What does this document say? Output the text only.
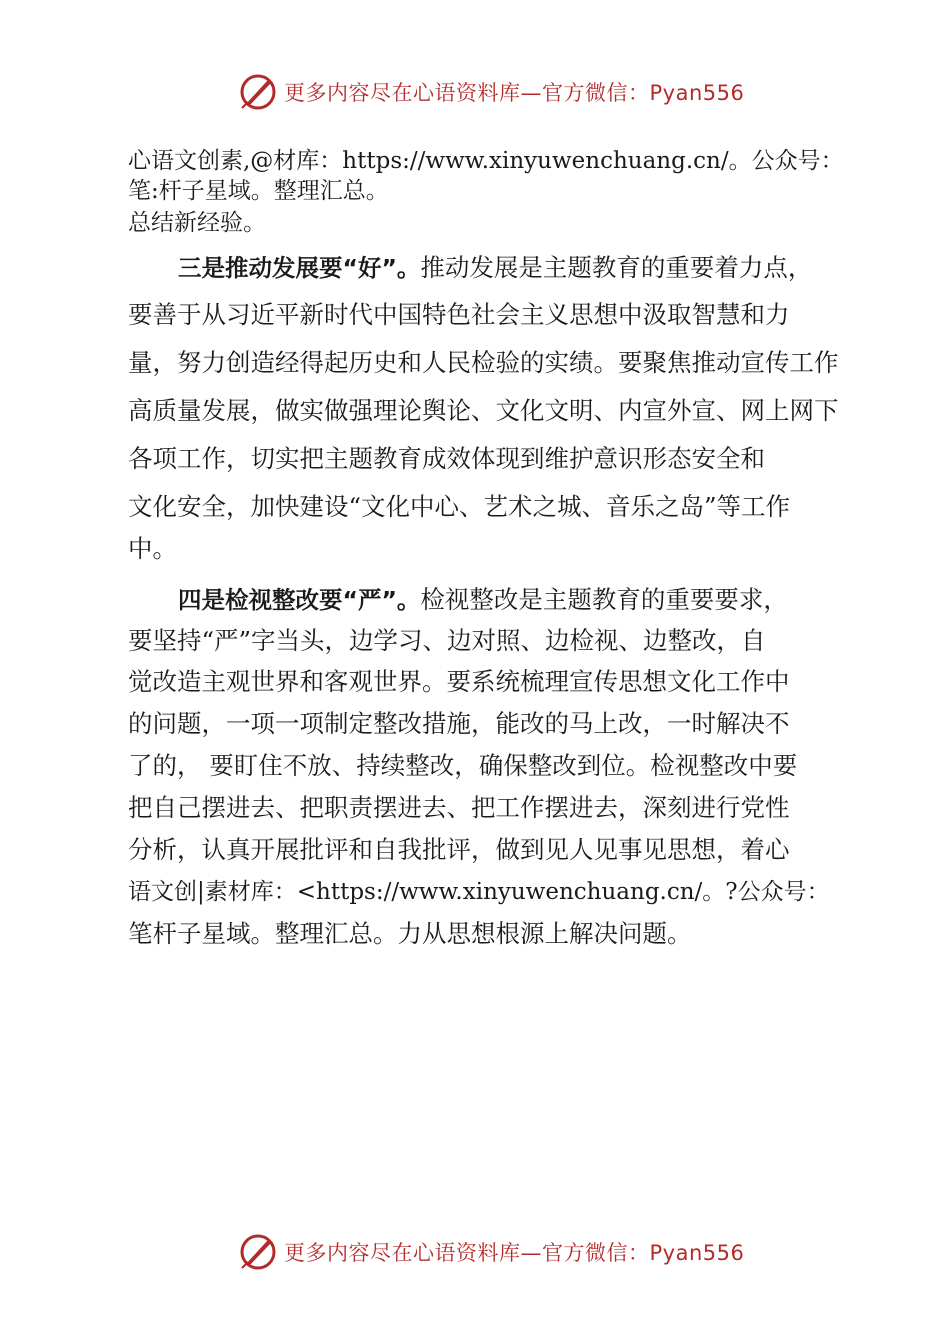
更多内容尽在心语资料库—官方微信：Pyan556
心语文创素,@材库：https://www.xinyuwenchuang.cn/。公众号：
笔:杆子星域。整理汇总。
总结新经验。
三是推动发展要“好”。推动发展是主题教育的重要着力点，
要善于从习近平新时代中国特色社会主义思想中汲取智慧和力
量，努力创造经得起历史和人民检验的实绩。要聚焦推动宣传工作
高质量发展，做实做强理论舆论、文化文明、内宣外宣、网上网下
各项工作，切实把主题教育成效体现到维护意识形态安全和
文化安全，加快建设“文化中心、艺术之城、音乐之岛”等工作
中。
四是检视整改要“严”。检视整改是主题教育的重要要求，
要坚持“严”字当头，边学习、边对照、边检视、边整改，自
觉改造主观世界和客观世界。要系统梳理宣传思想文化工作中
的问题，一项一项制定整改措施，能改的马上改，一时解决不
了的， 要盯住不放、持续整改，确保整改到位。检视整改中要
把自己摆进去、把职责摆进去、把工作摆进去，深刻进行党性
分析，认真开展批评和自我批评，做到见人见事见思想，着心
语文创|素材库：<https://www.xinyuwenchuang.cn/。?公众号：
笔杆子星域。整理汇总。力从思想根源上解决问题。
更多内容尽在心语资料库—官方微信：Pyan556
